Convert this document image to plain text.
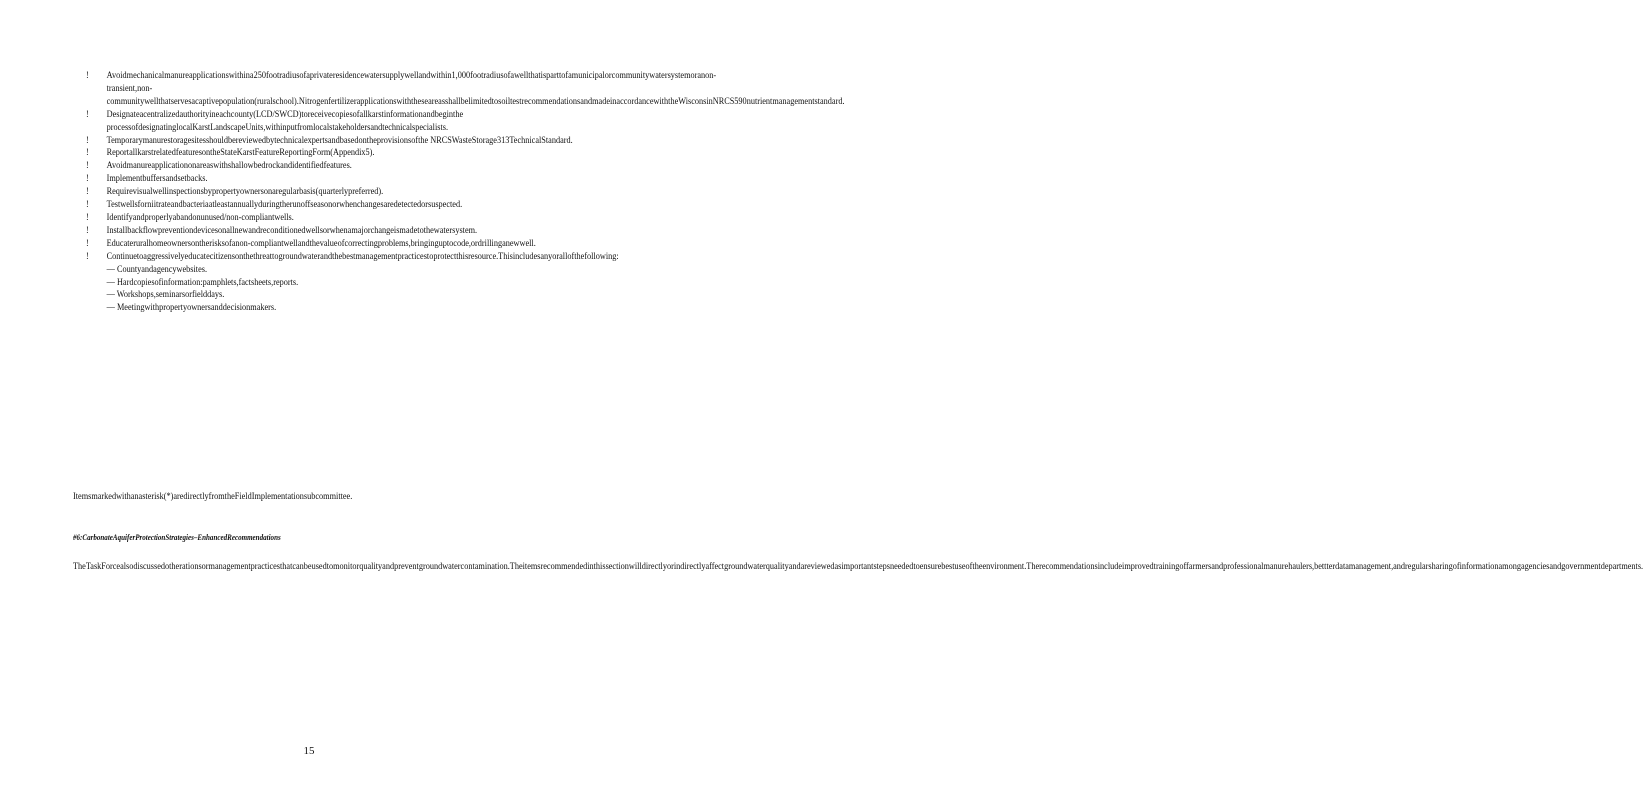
! Avoidmechanicalmanureapplicationswithina250footradiusofaprivateresidencewatersupplywellandwithin1,000footradiusofawellthatisparttofamunicipalorcommunitywatersystemoranon-transient,non-communitywellthatservesacaptivepopulation(ruralschool).NitrogenfertilizerapplicationswiththeseareasshallbelimitedtosoiltestrecommendationsandmadeinaccordancewiththeWisconsinNRCS590nutrientmanagementstandard.
! Designateacentralizedauthorityineachcounty(LCD/SWCD)toreceivecopiesofallkarstinformationandbeginthe processofdesignatinglocalKarstLandscapeUnits,withinputfromlocalstakeholdersandtechnicalspecialists.
! Temporarymanurestoragesitesshouldbereviewedbytechnicalexpertsandbasedontheprovisionsofthe NRCSWasteStorage313TechnicalStandard.
! ReportallkarstrelatedfeaturesontheStateKarstFeatureReportingForm(Appendix5).
! Avoidmanureapplicationonareaswithshallowbedrockandidentifiedfeatures.
! Implementbuffersandsetbacks.
! Requirevisualwellinspectionsbypropertyownersonaregularbasis(quarterlypreferred).
! Testwellsforniitrateandbacteriaatleastannuallyduringtherunoffseasonorwhenchangesaredetectedorsuspected.
! Identifyandproperlyabandonunused/non-compliantwells.
! Installbackflowpreventiondevicesonallnewandreconditionedwellsorwhenamajorchangeismadetothewatersystem.
! Educateruralhomeownersontherisksofanon-compliantwellandthevalueofcorrectingproblems,bringinguptocode,ordrillinganewwell.
! Continuetoaggressivelyeducatecitizensonthethreattogroundwaterandthebestmanagementpracticestoprotectthisresource.Thisincludesanyorallofthefollowing:
— Countyandagencywebsites.
— Hardcopiesofinformation:pamphlets,factsheets,reports.
— Workshops,seminarsorfielddays.
— Meetingwithpropertyownersanddecisionmakers.

Itemsmarkedwithanasterisk(*)aredirectlyfromtheFieldImplementationsubcommittee.

#6:CarbonateAquiferProtectionStrategies–EnhancedRecommendations

TheTaskForcealsodiscussedotherationsormanagementpracticesthatcanbeusedtomonitorqualityandpreventgroundwatercontamination.Theitemsrecommendedinthissectionwilldirectlyorindirectlyaffectgroundwaterqualityandareviewedasimportantstepsneededtoensurebestuseoftheenvironment.Therecommendationsincludeimprovedtrainingoffarmersandprofessionalmanurehaulers,bettterdatamanagement,andregularsharingofinformationamongagenciesandgovernmentdepartments.

15
